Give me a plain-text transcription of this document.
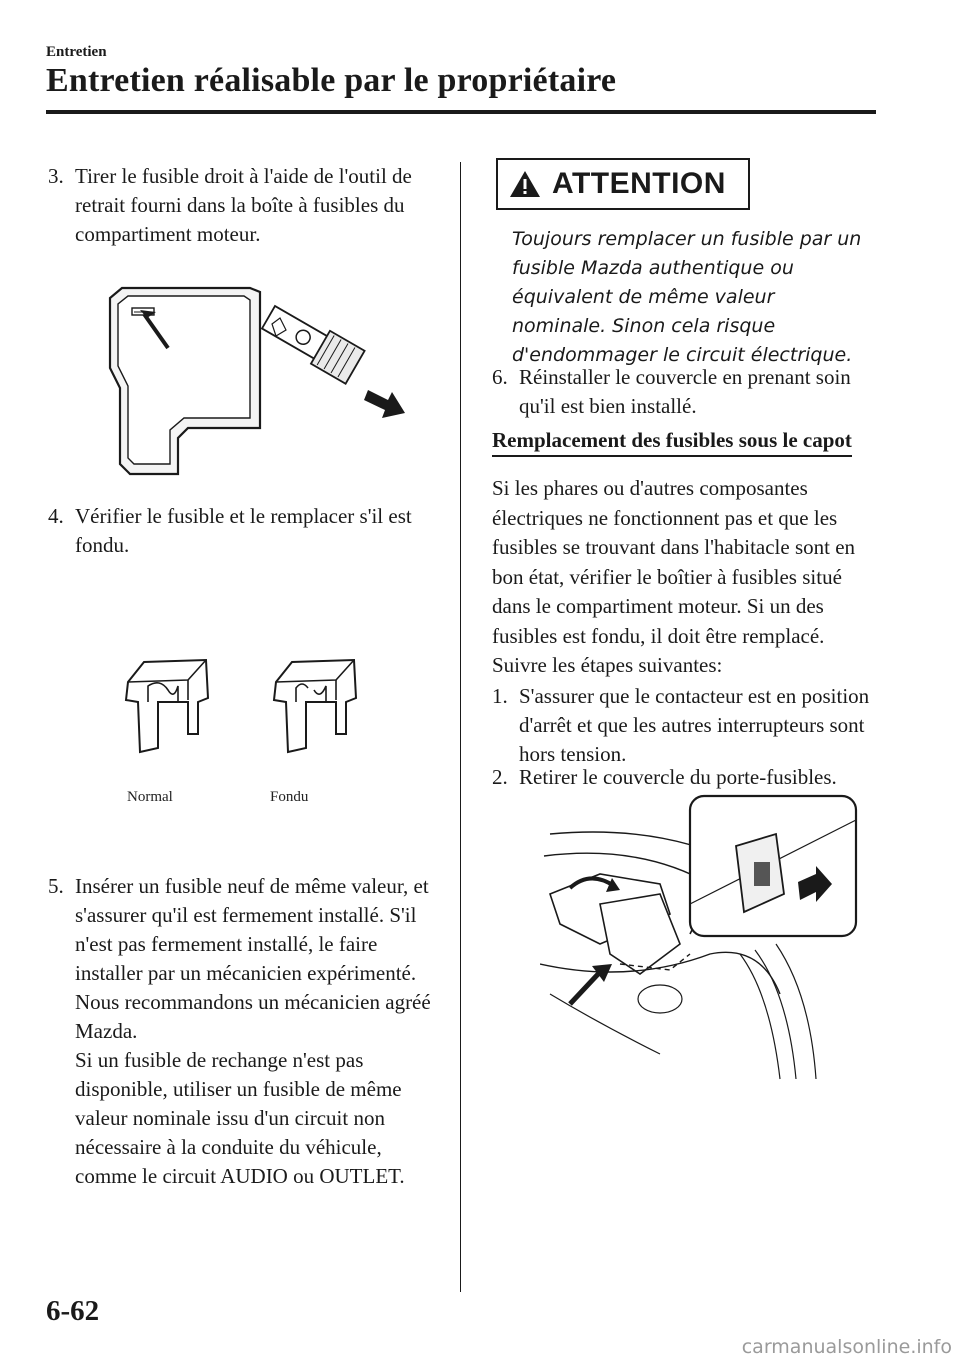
Entretien
Entretien réalisable par le propriétaire
3. Tirer le fusible droit à l'aide de l'outil de retrait fourni dans la boîte à fusibles du compartiment moteur.
4. Vérifier le fusible et le remplacer s'il est fondu.
Normal	Fondu
5. Insérer un fusible neuf de même valeur, et s'assurer qu'il est fermement installé. S'il n'est pas fermement installé, le faire installer par un mécanicien expérimenté. Nous recommandons un mécanicien agréé Mazda.

Si un fusible de rechange n'est pas disponible, utiliser un fusible de même valeur nominale issu d'un circuit non nécessaire à la conduite du véhicule, comme le circuit AUDIO ou OUTLET.

ATTENTION
Toujours remplacer un fusible par un fusible Mazda authentique ou équivalent de même valeur nominale. Sinon cela risque d'endommager le circuit électrique.
6. Réinstaller le couvercle en prenant soin qu'il est bien installé.
Remplacement des fusibles sous le capot
Si les phares ou d'autres composantes électriques ne fonctionnent pas et que les fusibles se trouvant dans l'habitacle sont en bon état, vérifier le boîtier à fusibles situé dans le compartiment moteur. Si un des fusibles est fondu, il doit être remplacé. Suivre les étapes suivantes:
1. S'assurer que le contacteur est en position d'arrêt et que les autres interrupteurs sont hors tension.
2. Retirer le couvercle du porte-fusibles.
6-62
carmanualsonline.info
